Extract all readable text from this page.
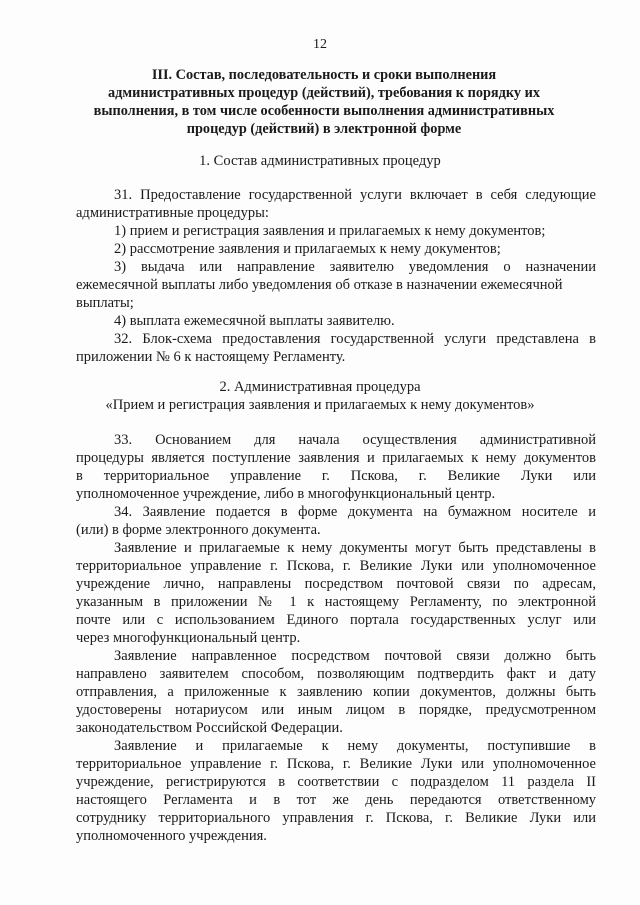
12
III. Состав, последовательность и сроки выполнения
административных процедур (действий), требования к порядку их
выполнения, в том числе особенности выполнения административных
процедур (действий) в электронной форме
1. Состав административных процедур
31. Предоставление государственной услуги включает в себя следующие
административные процедуры:
1) прием и регистрация заявления и прилагаемых к нему документов;
2) рассмотрение заявления и прилагаемых к нему документов;
3) выдача или направление заявителю уведомления о назначении
ежемесячной выплаты либо уведомления об отказе в назначении ежемесячной
выплаты;
4) выплата ежемесячной выплаты заявителю.
32. Блок-схема предоставления государственной услуги представлена в
приложении № 6 к настоящему Регламенту.
2. Административная процедура
«Прием и регистрация заявления и прилагаемых к нему документов»
33. Основанием для начала осуществления административной
процедуры является поступление заявления и прилагаемых к нему документов
в территориальное управление г. Пскова, г. Великие Луки или
уполномоченное учреждение, либо в многофункциональный центр.
34. Заявление подается в форме документа на бумажном носителе и
(или) в форме электронного документа.
Заявление и прилагаемые к нему документы могут быть представлены в
территориальное управление г. Пскова, г. Великие Луки или уполномоченное
учреждение лично, направлены посредством почтовой связи по адресам,
указанным в приложении № 1 к настоящему Регламенту, по электронной
почте или с использованием Единого портала государственных услуг или
через многофункциональный центр.
Заявление направленное посредством почтовой связи должно быть
направлено заявителем способом, позволяющим подтвердить факт и дату
отправления, а приложенные к заявлению копии документов, должны быть
удостоверены нотариусом или иным лицом в порядке, предусмотренном
законодательством Российской Федерации.
Заявление и прилагаемые к нему документы, поступившие в
территориальное управление г. Пскова, г. Великие Луки или уполномоченное
учреждение, регистрируются в соответствии с подразделом 11 раздела II
настоящего Регламента и в тот же день передаются ответственному
сотруднику территориального управления г. Пскова, г. Великие Луки или
уполномоченного учреждения.
